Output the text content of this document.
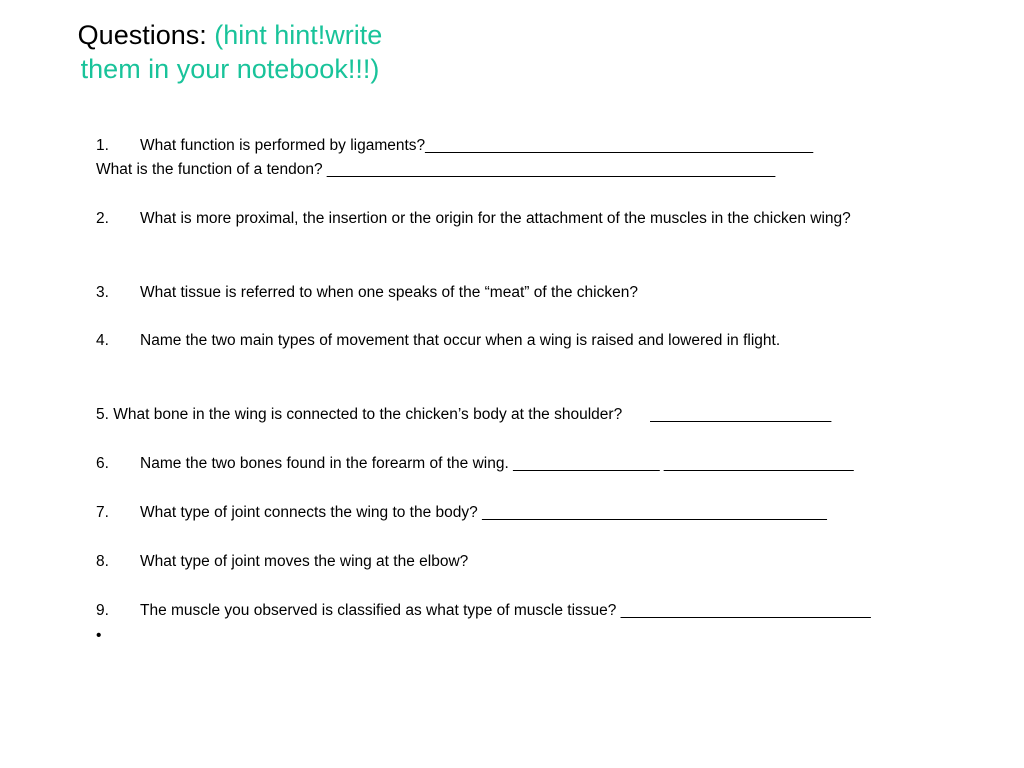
Questions: (hint hint!write them in your notebook!!!)
1. What function is performed by ligaments?_____________________________________________
What is the function of a tendon? ____________________________________________________
2. What is more proximal, the insertion or the origin for the attachment of the muscles in the chicken wing?
3. What tissue is referred to when one speaks of the “meat” of the chicken?
4. Name the two main types of movement that occur when a wing is raised and lowered in flight.
5. What bone in the wing is connected to the chicken’s body at the shoulder? _____________________
6. Name the two bones found in the forearm of the wing. _________________ ______________________
7. What type of joint connects the wing to the body? ________________________________________
8. What type of joint moves the wing at the elbow?
9. The muscle you observed is classified as what type of muscle tissue? _____________________________
•
